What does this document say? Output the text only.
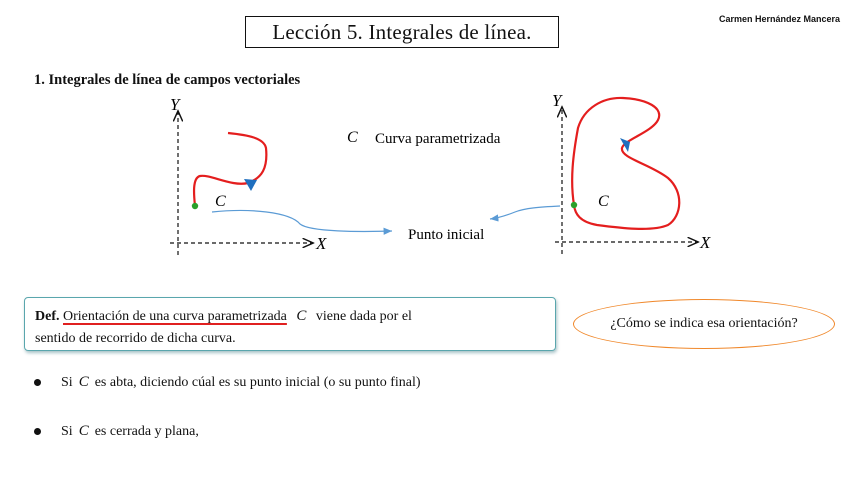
Carmen Hernández Mancera
Lección 5. Integrales de línea.
1. Integrales de línea de campos vectoriales
Y
X
C
C Curva parametrizada
Punto inicial
Y
X
C
Def. Orientación de una curva parametrizada C viene dada por el
sentido de recorrido de dicha curva.
¿Cómo se indica esa orientación?
Si C es abta, diciendo cúal es su punto inicial (o su punto final)
Si C es cerrada y plana,
